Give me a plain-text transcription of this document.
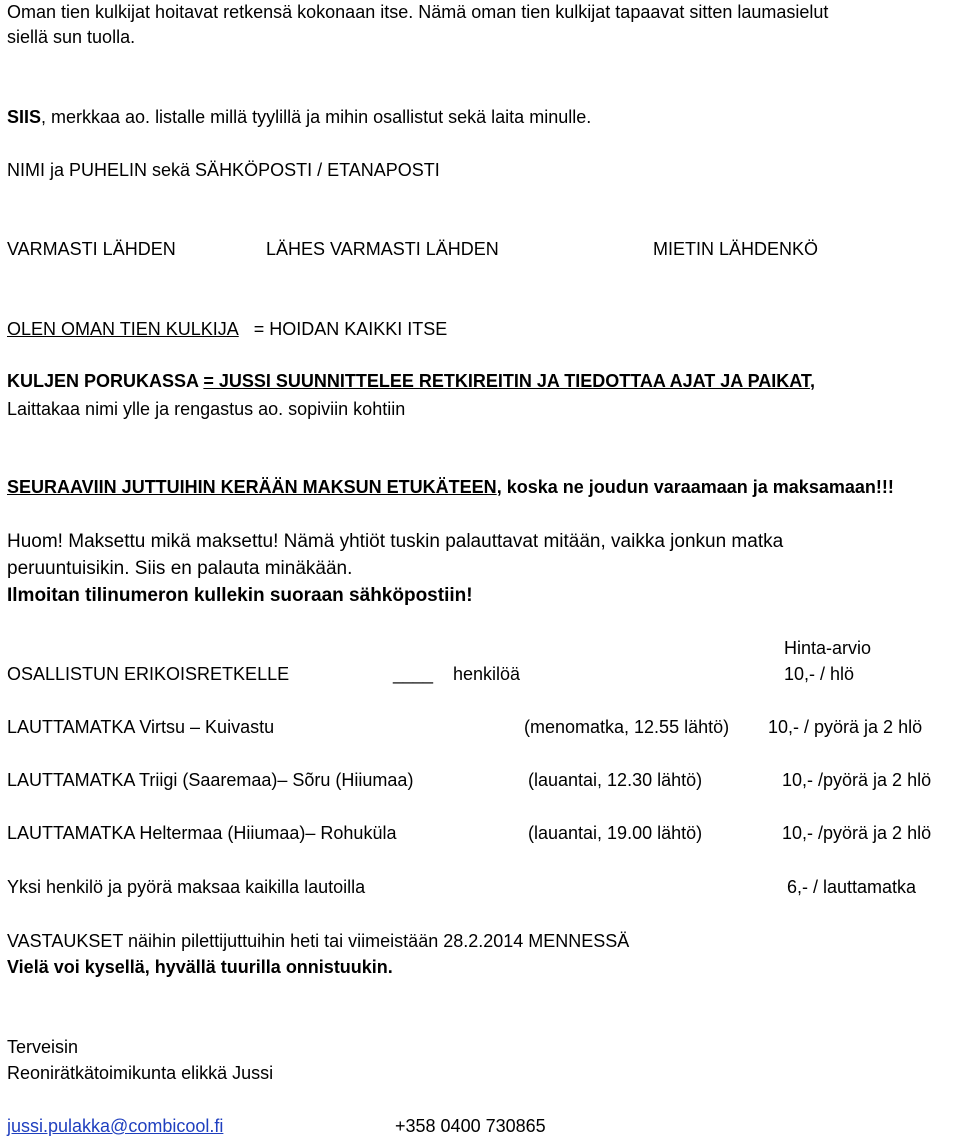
Oman tien kulkijat hoitavat retkensä kokonaan itse. Nämä oman tien kulkijat tapaavat sitten laumasielut
siellä sun tuolla.
SIIS, merkkaa ao. listalle millä tyylillä ja mihin osallistut sekä laita minulle.
NIMI ja PUHELIN sekä SÄHKÖPOSTI / ETANAPOSTI
VARMASTI LÄHDEN	LÄHES VARMASTI LÄHDEN	MIETIN LÄHDENKÖ
OLEN OMAN TIEN KULKIJA = HOIDAN KAIKKI ITSE
KULJEN PORUKASSA = JUSSI SUUNNITTELEE RETKIREITIN JA TIEDOTTAA AJAT JA PAIKAT,
Laittakaa nimi ylle ja rengastus ao. sopiviin kohtiin
SEURAAVIIN JUTTUIHIN KERÄÄN MAKSUN ETUKÄTEEN, koska ne joudun varaamaan ja maksamaan!!!
Huom! Maksettu mikä maksettu! Nämä yhtiöt tuskin palauttavat mitään, vaikka jonkun matka
peruuntuisikin. Siis en palauta minäkään.
Ilmoitan tilinumeron kullekin suoraan sähköpostiin!
Hinta-arvio
OSALLISTUN ERIKOISRETKELLE	____ henkilöä	10,- / hlö
LAUTTAMATKA Virtsu – Kuivastu	(menomatka, 12.55 lähtö) 10,- / pyörä ja 2 hlö
LAUTTAMATKA Triigi (Saaremaa)– Sõru (Hiiumaa)	(lauantai, 12.30 lähtö)	10,- /pyörä ja 2 hlö
LAUTTAMATKA Heltermaa (Hiiumaa)– Rohuküla	(lauantai, 19.00 lähtö)	10,- /pyörä ja 2 hlö
Yksi henkilö ja pyörä maksaa kaikilla lautoilla	6,- / lauttamatka
VASTAUKSET näihin pilettijuttuihin heti tai viimeistään 28.2.2014 MENNESSÄ
Vielä voi kysellä, hyvällä tuurilla onnistuukin.
Terveisin
Reonirätkätoimikunta elikkä Jussi
jussi.pulakka@combicool.fi	+358 0400 730865
